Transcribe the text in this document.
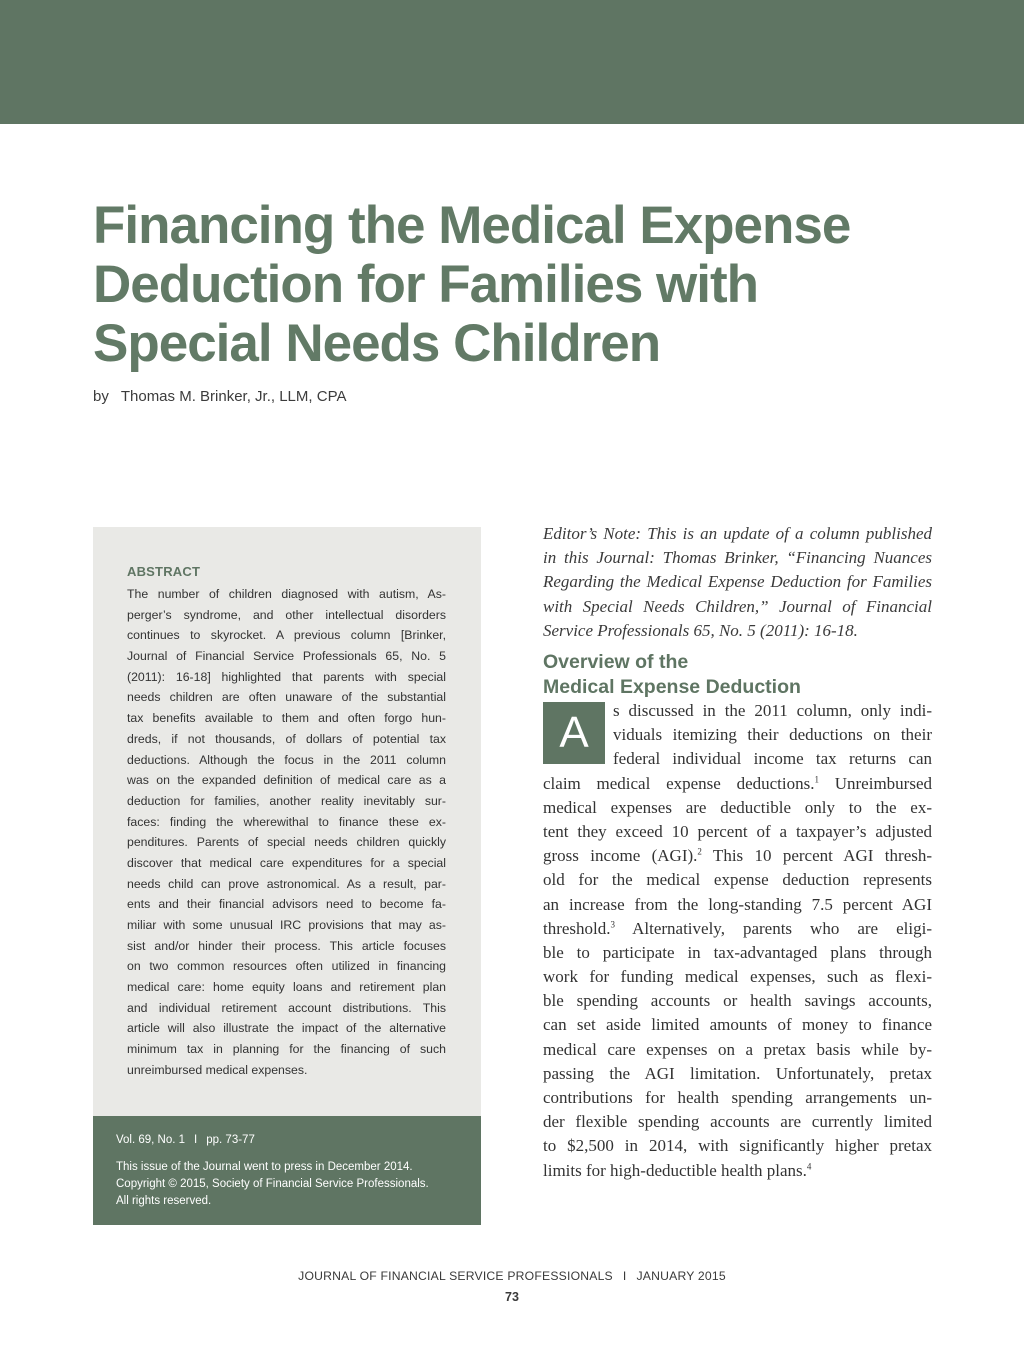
Financing the Medical Expense
Deduction for Families with
Special Needs Children
by Thomas M. Brinker, Jr., LLM, CPA
ABSTRACT
The number of children diagnosed with autism, As-
perger’s syndrome, and other intellectual disorders
continues to skyrocket. A previous column [Brinker,
Journal of Financial Service Professionals 65, No. 5
(2011): 16-18] highlighted that parents with special
needs children are often unaware of the substantial
tax benefits available to them and often forgo hun-
dreds, if not thousands, of dollars of potential tax
deductions. Although the focus in the 2011 column
was on the expanded definition of medical care as a
deduction for families, another reality inevitably sur-
faces: finding the wherewithal to finance these ex-
penditures. Parents of special needs children quickly
discover that medical care expenditures for a special
needs child can prove astronomical. As a result, par-
ents and their financial advisors need to become fa-
miliar with some unusual IRC provisions that may as-
sist and/or hinder their process. This article focuses
on two common resources often utilized in financing
medical care: home equity loans and retirement plan
and individual retirement account distributions. This
article will also illustrate the impact of the alternative
minimum tax in planning for the financing of such
unreimbursed medical expenses.
Vol. 69, No. 1 I pp. 73-77
This issue of the Journal went to press in December 2014.
Copyright © 2015, Society of Financial Service Professionals.
All rights reserved.
Editor’s Note: This is an update of a column published
in this Journal: Thomas Brinker, “Financing Nuances
Regarding the Medical Expense Deduction for Families
with Special Needs Children,” Journal of Financial
Service Professionals 65, No. 5 (2011): 16-18.
Overview of the
Medical Expense Deduction
A	s discussed in the 2011 column, only indi-
viduals itemizing their deductions on their
federal individual income tax returns can
claim medical expense deductions.$^1$ Unreimbursed
medical expenses are deductible only to the ex-
tent they exceed 10 percent of a taxpayer’s adjusted
gross income (AGI).$^2$ This 10 percent AGI thresh-
old for the medical expense deduction represents
an increase from the long-standing 7.5 percent AGI
threshold.$^3$ Alternatively, parents who are eligi-
ble to participate in tax-advantaged plans through
work for funding medical expenses, such as flexi-
ble spending accounts or health savings accounts,
can set aside limited amounts of money to finance
medical care expenses on a pretax basis while by-
passing the AGI limitation. Unfortunately, pretax
contributions for health spending arrangements un-
der flexible spending accounts are currently limited
to $2,500 in 2014, with significantly higher pretax
limits for high-deductible health plans.$^4$
JOURNAL OF FINANCIAL SERVICE PROFESSIONALS I JANUARY 2015
73
